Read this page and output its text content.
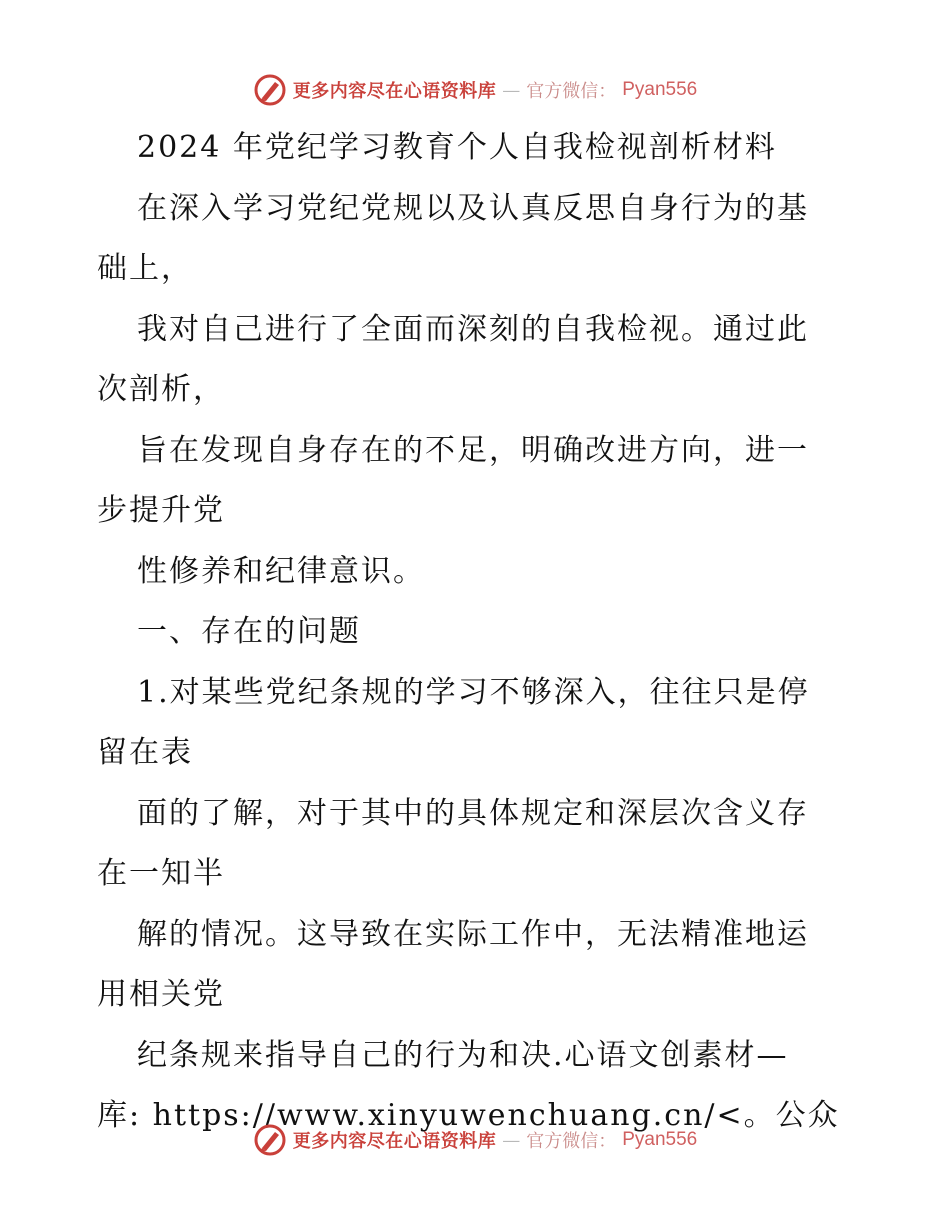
更多内容尽在心语资料库 — 官方微信： Pyan556
2024 年党纪学习教育个人自我检视剖析材料
在深入学习党纪党规以及认真反思自身行为的基
础上，
我对自己进行了全面而深刻的自我检视。通过此
次剖析，
旨在发现自身存在的不足，明确改进方向，进一
步提升党
性修养和纪律意识。
一、存在的问题
1.对某些党纪条规的学习不够深入，往往只是停
留在表
面的了解，对于其中的具体规定和深层次含义存
在一知半
解的情况。这导致在实际工作中，无法精准地运
用相关党
纪条规来指导自己的行为和决.心语文创素材—
库: https://www.xinyuwenchuang.cn/<。公众
更多内容尽在心语资料库 — 官方微信： Pyan556
